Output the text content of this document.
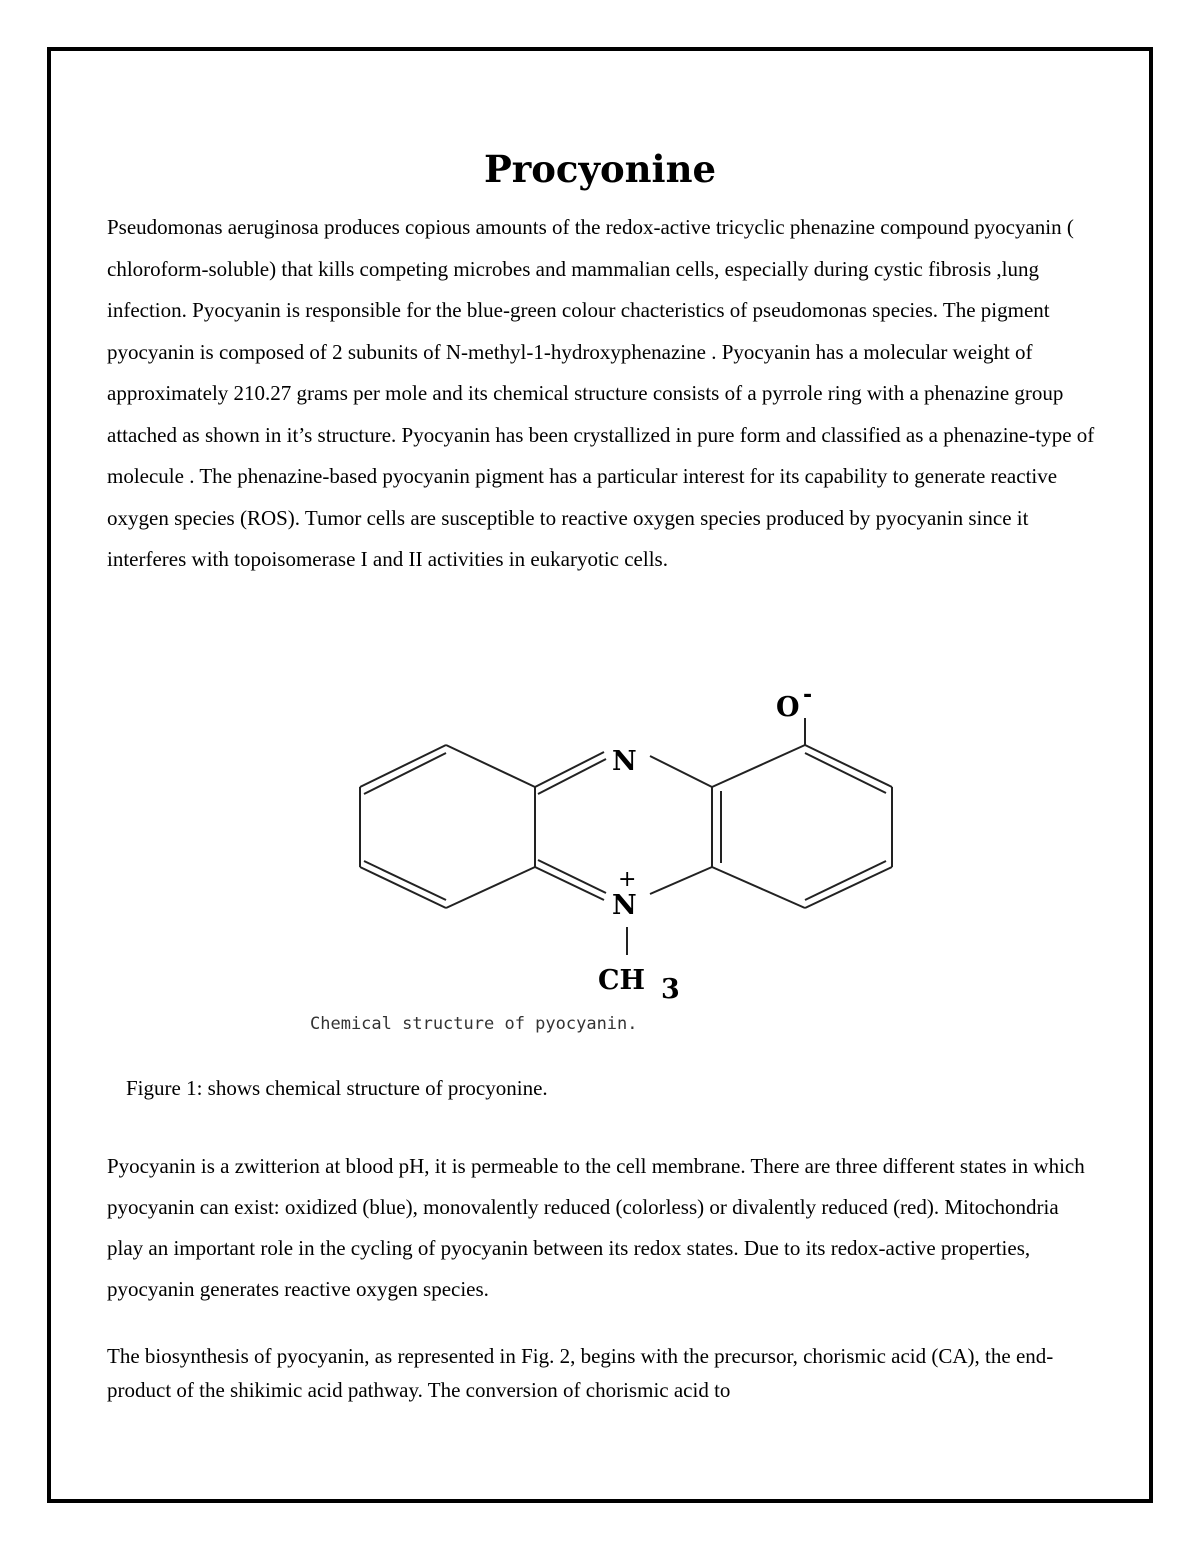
Procyonine

Pseudomonas aeruginosa produces copious amounts of the redox-active tricyclic phenazine compound pyocyanin ( chloroform-soluble) that kills competing microbes and mammalian cells, especially during cystic fibrosis ,lung infection. Pyocyanin is responsible for the blue-green colour chacteristics of pseudomonas species. The pigment pyocyanin is composed of 2 subunits of N-methyl-1-hydroxyphenazine . Pyocyanin has a molecular weight of approximately 210.27 grams per mole and its chemical structure consists of a pyrrole ring with a phenazine group attached as shown in it’s structure. Pyocyanin has been crystallized in pure form and classified as a phenazine-type of molecule . The phenazine-based pyocyanin pigment has a particular interest for its capability to generate reactive oxygen species (ROS). Tumor cells are susceptible to reactive oxygen species produced by pyocyanin since it interferes with topoisomerase I and II activities in eukaryotic cells.

N
N
+
O -
CH 3
Chemical structure of pyocyanin.

Figure 1: shows chemical structure of procyonine.

Pyocyanin is a zwitterion at blood pH, it is permeable to the cell membrane. There are three different states in which pyocyanin can exist: oxidized (blue), monovalently reduced (colorless) or divalently reduced (red). Mitochondria play an important role in the cycling of pyocyanin between its redox states. Due to its redox-active properties, pyocyanin generates reactive oxygen species.

The biosynthesis of pyocyanin, as represented in Fig. 2, begins with the precursor, chorismic acid (CA), the end-product of the shikimic acid pathway. The conversion of chorismic acid to
